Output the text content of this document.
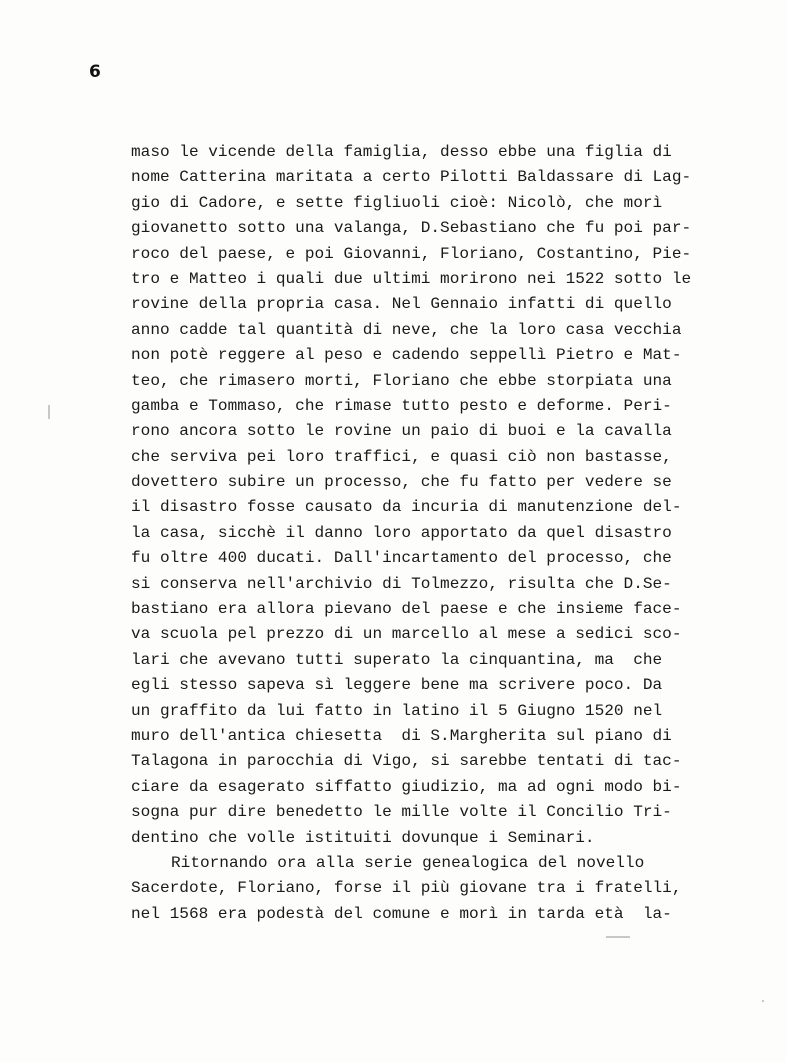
6
maso le vicende della famiglia, desso ebbe una figlia di
nome Catterina maritata a certo Pilotti Baldassare di Lag-
gio di Cadore, e sette figliuoli cioè: Nicolò, che morì
giovanetto sotto una valanga, D.Sebastiano che fu poi par-
roco del paese, e poi Giovanni, Floriano, Costantino, Pie-
tro e Matteo i quali due ultimi morirono nei 1522 sotto le
rovine della propria casa. Nel Gennaio infatti di quello
anno cadde tal quantità di neve, che la loro casa vecchia
non potè reggere al peso e cadendo seppellì Pietro e Mat-
teo, che rimasero morti, Floriano che ebbe storpiata una
gamba e Tommaso, che rimase tutto pesto e deforme. Peri-
rono ancora sotto le rovine un paio di buoi e la cavalla
che serviva pei loro traffici, e quasi ciò non bastasse,
dovettero subire un processo, che fu fatto per vedere se
il disastro fosse causato da incuria di manutenzione del-
la casa, sicchè il danno loro apportato da quel disastro
fu oltre 400 ducati. Dall'incartamento del processo, che
si conserva nell'archivio di Tolmezzo, risulta che D.Se-
bastiano era allora pievano del paese e che insieme face-
va scuola pel prezzo di un marcello al mese a sedici sco-
lari che avevano tutti superato la cinquantina, ma  che
egli stesso sapeva sì leggere bene ma scrivere poco. Da
un graffito da lui fatto in latino il 5 Giugno 1520 nel
muro dell'antica chiesetta  di S.Margherita sul piano di
Talagona in parocchia di Vigo, si sarebbe tentati di tac-
ciare da esagerato siffatto giudizio, ma ad ogni modo bi-
sogna pur dire benedetto le mille volte il Concilio Tri-
dentino che volle istituiti dovunque i Seminari.
Ritornando ora alla serie genealogica del novello
Sacerdote, Floriano, forse il più giovane tra i fratelli,
nel 1568 era podestà del comune e morì in tarda età  la-
